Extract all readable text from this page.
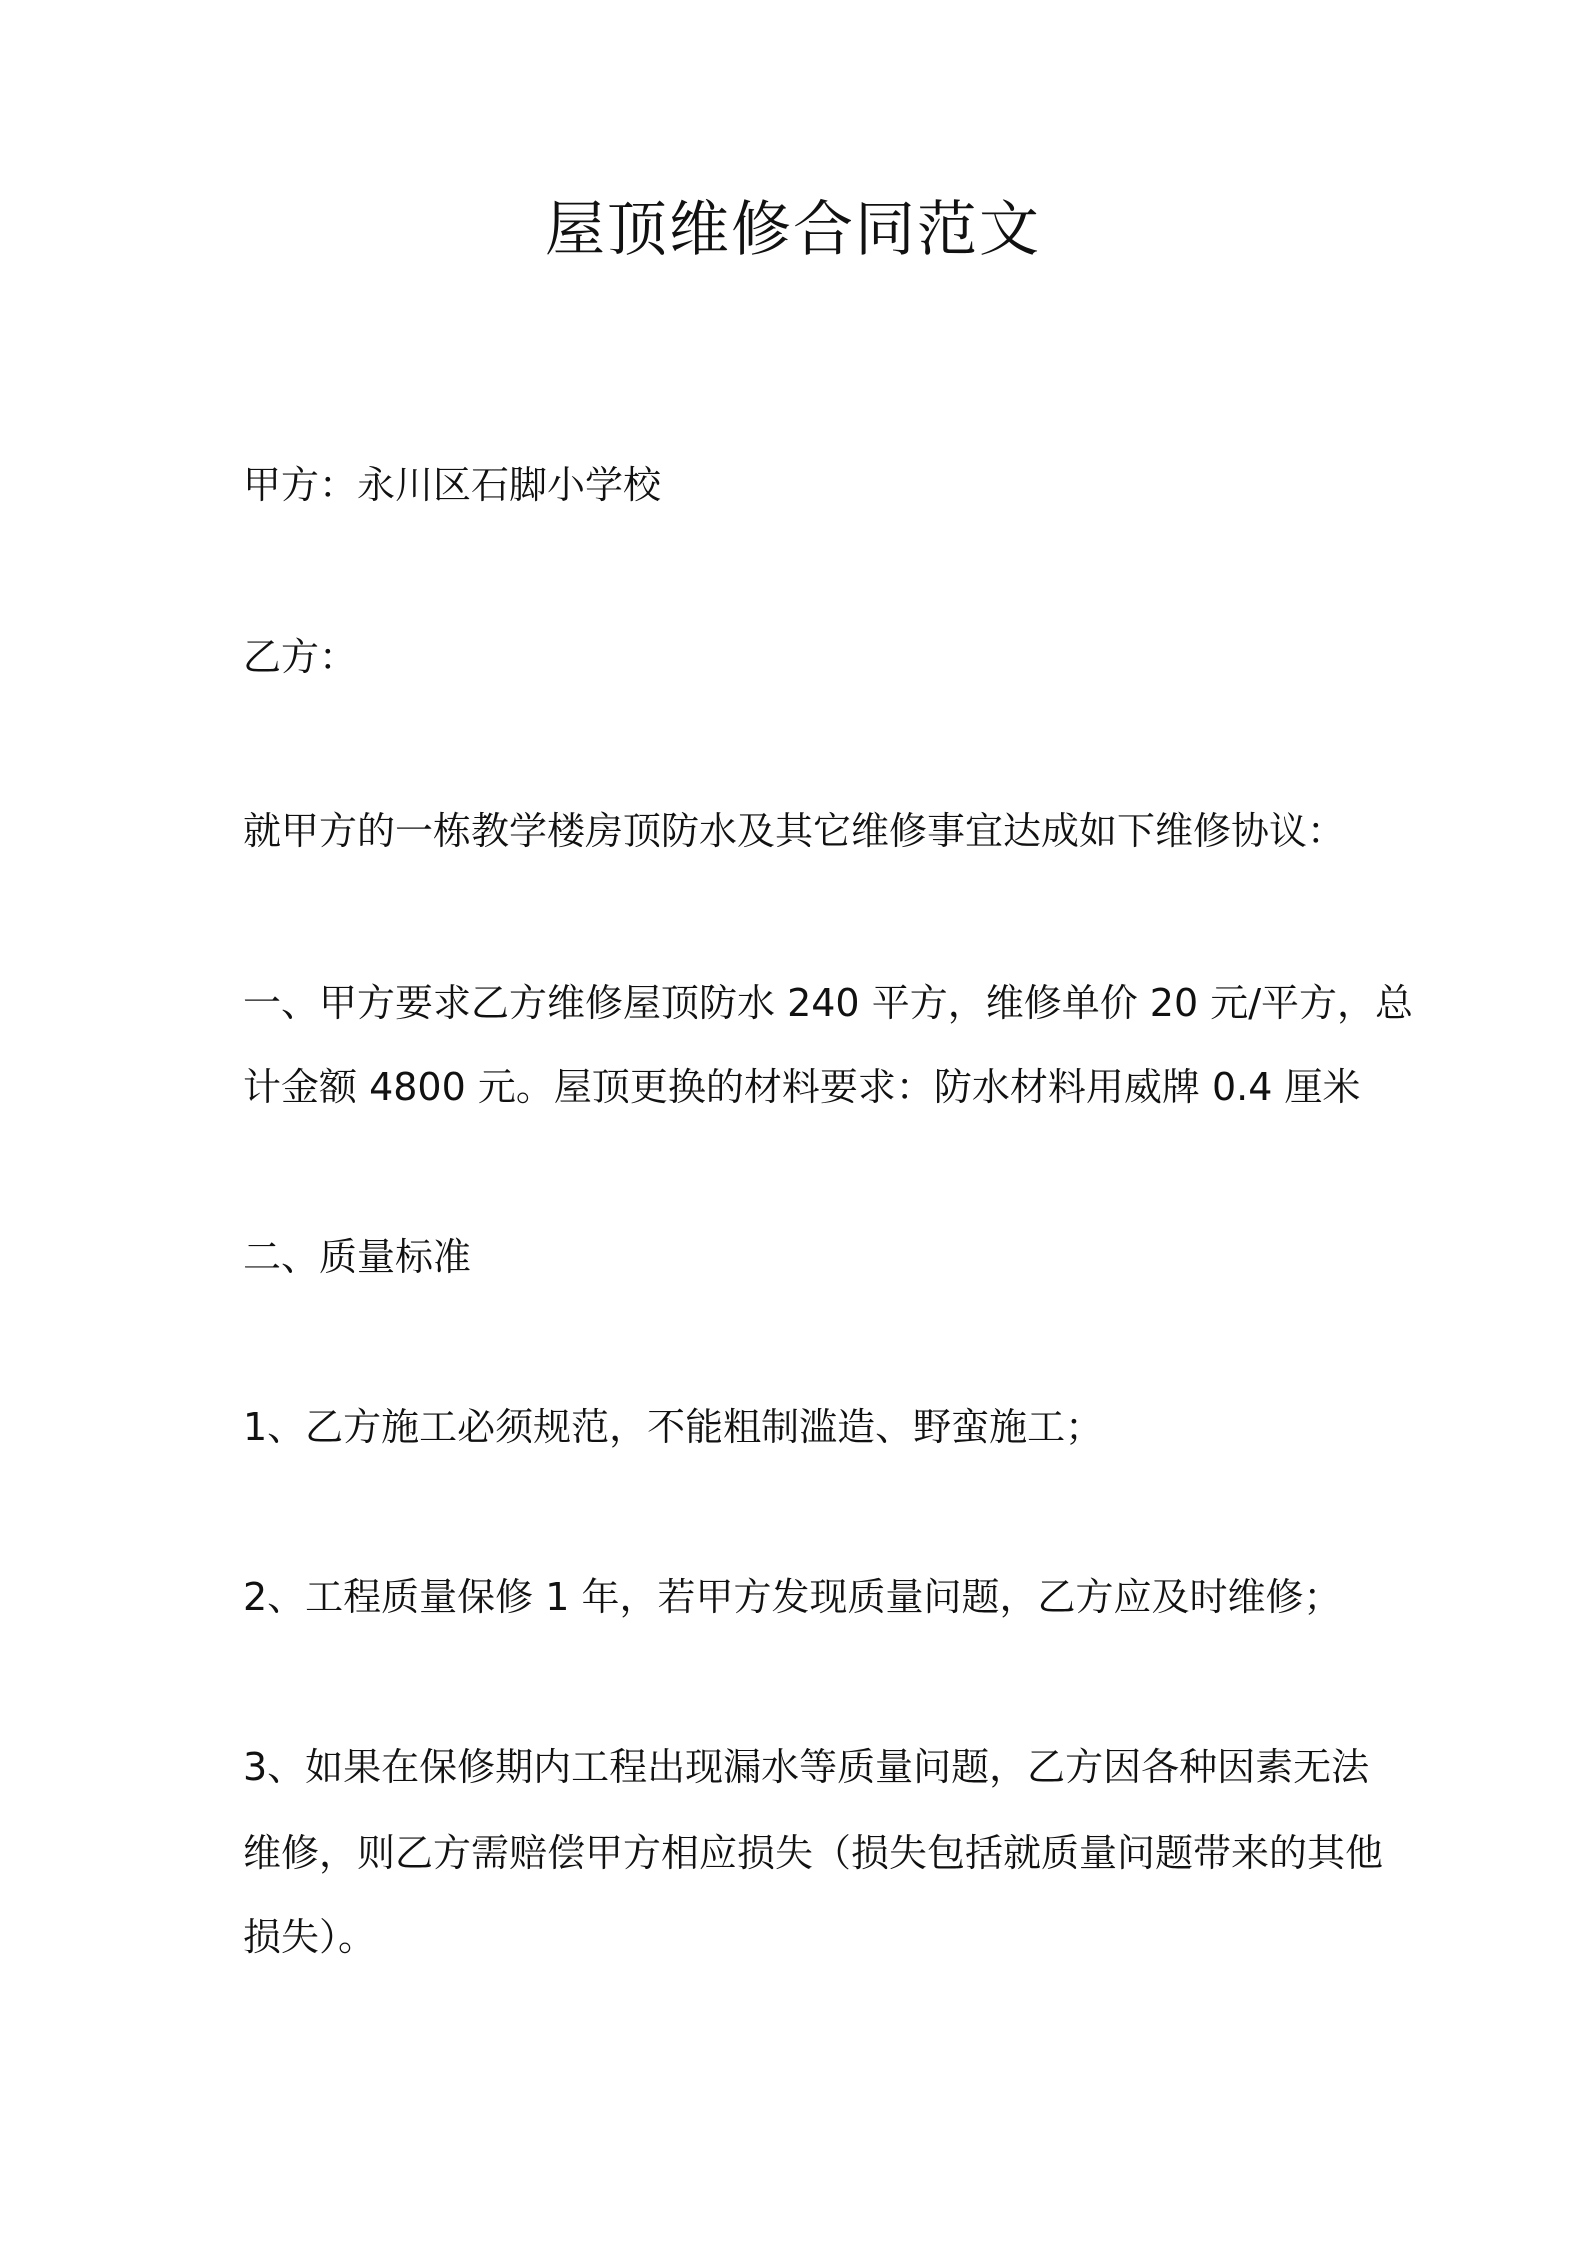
屋顶维修合同范文
甲方：永川区石脚小学校
乙方：
就甲方的一栋教学楼房顶防水及其它维修事宜达成如下维修协议：
一、甲方要求乙方维修屋顶防水 240 平方，维修单价 20 元/平方，总
计金额 4800 元。屋顶更换的材料要求：防水材料用威牌 0.4 厘米
二、质量标准
1、乙方施工必须规范，不能粗制滥造、野蛮施工；
2、工程质量保修 1 年，若甲方发现质量问题，乙方应及时维修；
3、如果在保修期内工程出现漏水等质量问题，乙方因各种因素无法
维修，则乙方需赔偿甲方相应损失（损失包括就质量问题带来的其他
损失）。
